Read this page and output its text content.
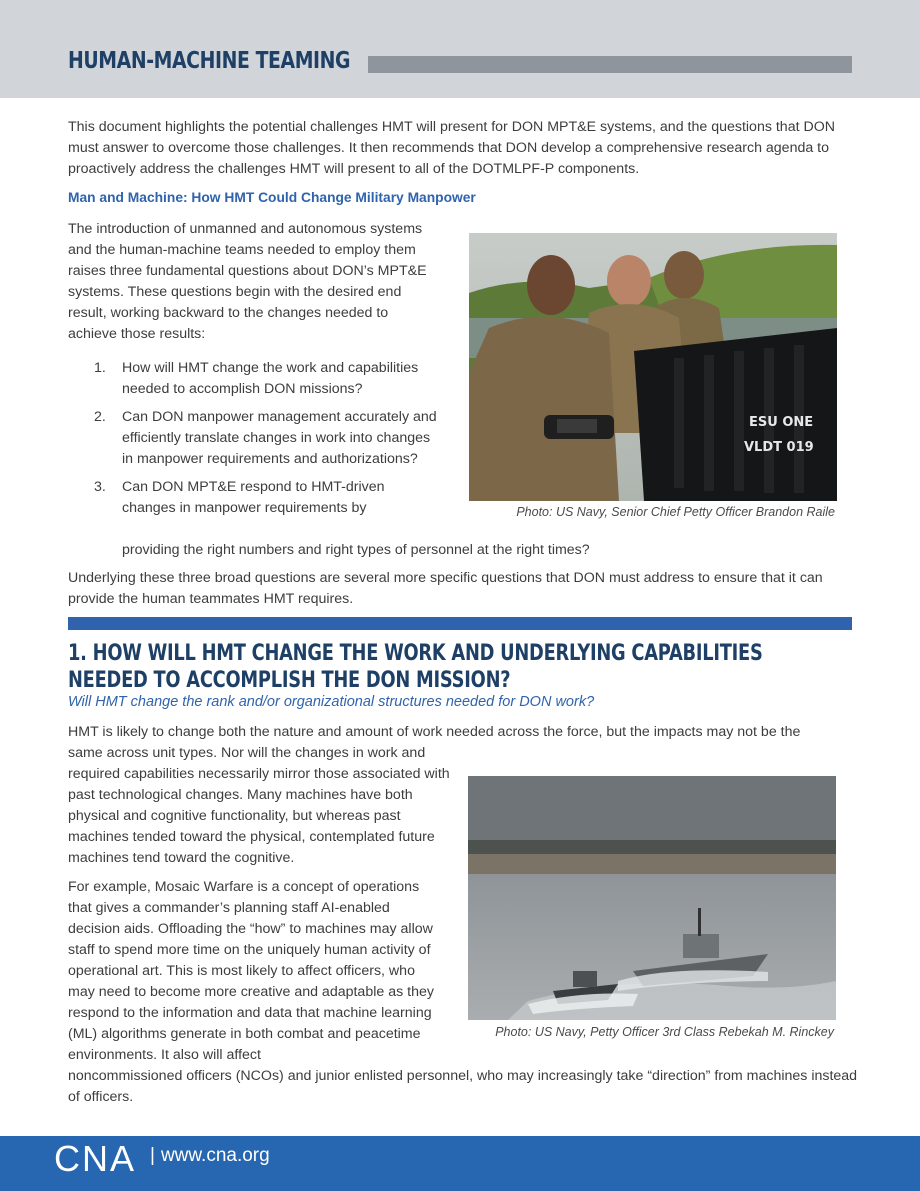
HUMAN-MACHINE TEAMING

This document highlights the potential challenges HMT will present for DON MPT&E systems, and the questions that DON must answer to overcome those challenges. It then recommends that DON develop a comprehensive research agenda to proactively address the challenges HMT will present to all of the DOTMLPF-P components.

Man and Machine: How HMT Could Change Military Manpower

The introduction of unmanned and autonomous systems and the human-machine teams needed to employ them raises three fundamental questions about DON’s MPT&E systems. These questions begin with the desired end result, working backward to the changes needed to achieve those results:

1. How will HMT change the work and capabilities needed to accomplish DON missions?
2. Can DON manpower management accurately and efficiently translate changes in work into changes in manpower requirements and authorizations?
3. Can DON MPT&E respond to HMT-driven changes in manpower requirements by
providing the right numbers and right types of personnel at the right times?
ESU ONE
VLDT 019
Photo: US Navy, Senior Chief Petty Officer Brandon Raile

Underlying these three broad questions are several more specific questions that DON must address to ensure that it can provide the human teammates HMT requires.

1. HOW WILL HMT CHANGE THE WORK AND UNDERLYING CAPABILITIES NEEDED TO ACCOMPLISH THE DON MISSION?
Will HMT change the rank and/or organizational structures needed for DON work?

HMT is likely to change both the nature and amount of work needed across the force, but the impacts may not be the

same across unit types. Nor will the changes in work and required capabilities necessarily mirror those associated with past technological changes. Many machines have both physical and cognitive functionality, but whereas past machines tended toward the physical, contemplated future machines tend toward the cognitive.

For example, Mosaic Warfare is a concept of operations that gives a commander’s planning staff AI-enabled decision aids. Offloading the “how” to machines may allow staff to spend more time on the uniquely human activity of operational art. This is most likely to affect officers, who may need to become more creative and adaptable as they respond to the information and data that machine learning (ML) algorithms generate in both combat and peacetime environments. It also will affect

noncommissioned officers (NCOs) and junior enlisted personnel, who may increasingly take “direction” from machines instead of officers.

Photo: US Navy, Petty Officer 3rd Class Rebekah M. Rinckey
CNA | www.cna.org
